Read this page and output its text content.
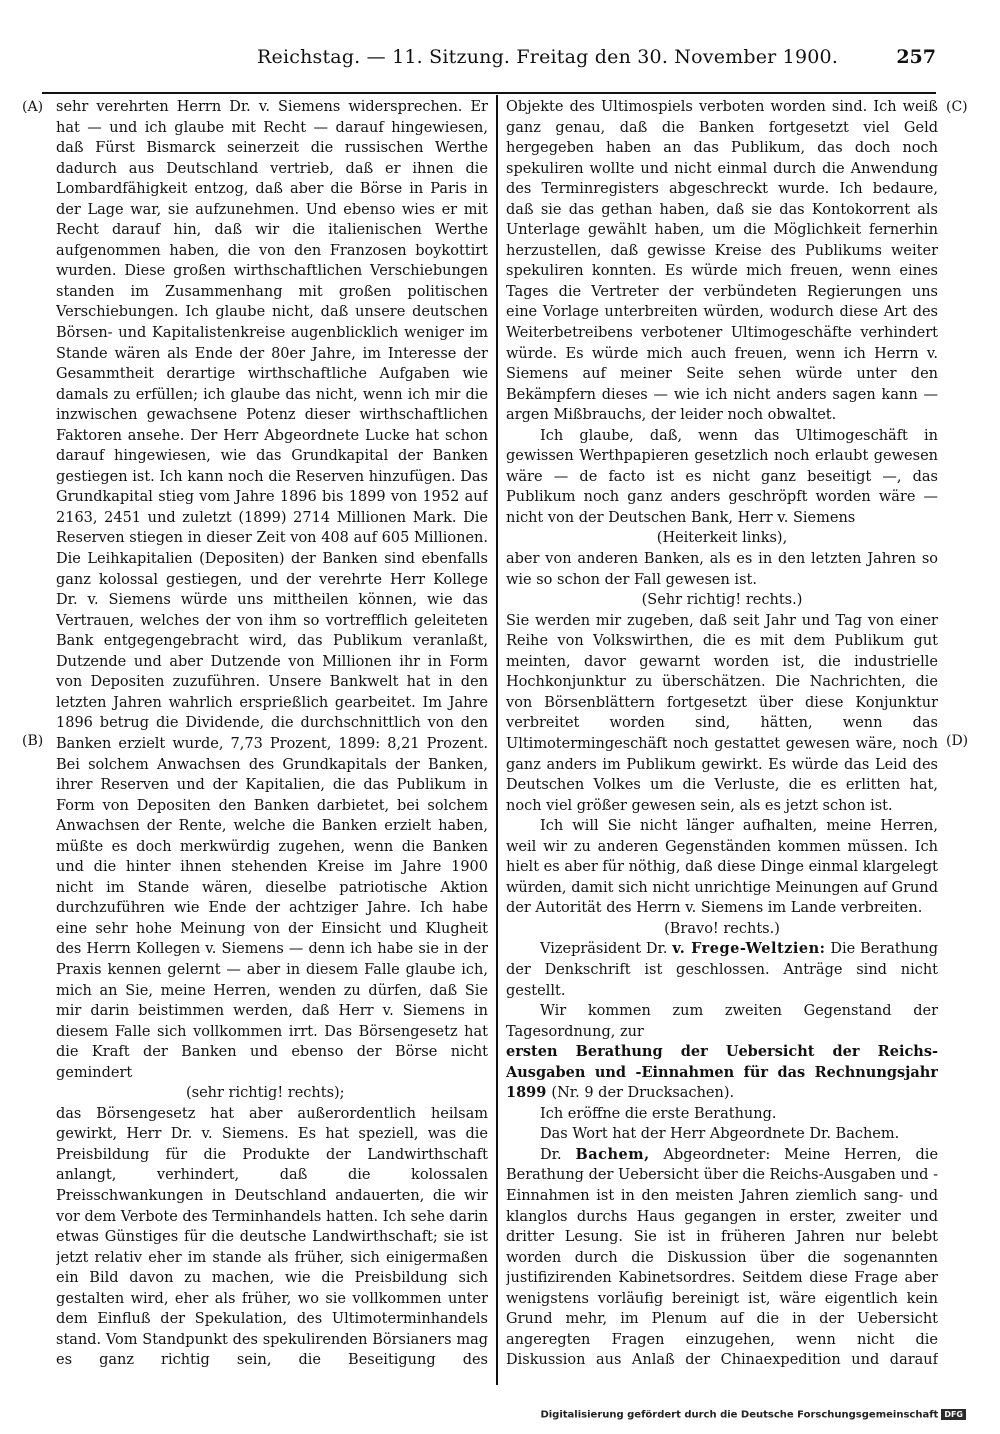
Reichstag. — 11. Sitzung. Freitag den 30. November 1900.	257
(A)
(B)
(C)
(D)

sehr verehrten Herrn Dr. v. Siemens widersprechen. Er hat — und ich glaube mit Recht — darauf hingewiesen, daß Fürst Bismarck seinerzeit die russischen Werthe dadurch aus Deutschland vertrieb, daß er ihnen die Lombardfähigkeit entzog, daß aber die Börse in Paris in der Lage war, sie aufzunehmen. Und ebenso wies er mit Recht darauf hin, daß wir die italienischen Werthe aufgenommen haben, die von den Franzosen boykottirt wurden. Diese großen wirthschaftlichen Verschiebungen standen im Zusammenhang mit großen politischen Verschiebungen. Ich glaube nicht, daß unsere deutschen Börsen- und Kapitalistenkreise augenblicklich weniger im Stande wären als Ende der 80er Jahre, im Interesse der Gesammtheit derartige wirthschaftliche Aufgaben wie damals zu erfüllen; ich glaube das nicht, wenn ich mir die inzwischen gewachsene Potenz dieser wirthschaftlichen Faktoren ansehe. Der Herr Abgeordnete Lucke hat schon darauf hingewiesen, wie das Grundkapital der Banken gestiegen ist. Ich kann noch die Reserven hinzufügen. Das Grundkapital stieg vom Jahre 1896 bis 1899 von 1952 auf 2163, 2451 und zuletzt (1899) 2714 Millionen Mark. Die Reserven stiegen in dieser Zeit von 408 auf 605 Millionen. Die Leihkapitalien (Depositen) der Banken sind ebenfalls ganz kolossal gestiegen, und der verehrte Herr Kollege Dr. v. Siemens würde uns mittheilen können, wie das Vertrauen, welches der von ihm so vortrefflich geleiteten Bank entgegengebracht wird, das Publikum veranlaßt, Dutzende und aber Dutzende von Millionen ihr in Form von Depositen zuzuführen. Unsere Bankwelt hat in den letzten Jahren wahrlich ersprießlich gearbeitet. Im Jahre 1896 betrug die Dividende, die durchschnittlich von den Banken erzielt wurde, 7,73 Prozent, 1899: 8,21 Prozent. Bei solchem Anwachsen des Grundkapitals der Banken, ihrer Reserven und der Kapitalien, die das Publikum in Form von Depositen den Banken darbietet, bei solchem Anwachsen der Rente, welche die Banken erzielt haben, müßte es doch merkwürdig zugehen, wenn die Banken und die hinter ihnen stehenden Kreise im Jahre 1900 nicht im Stande wären, dieselbe patriotische Aktion durchzuführen wie Ende der achtziger Jahre. Ich habe eine sehr hohe Meinung von der Einsicht und Klugheit des Herrn Kollegen v. Siemens — denn ich habe sie in der Praxis kennen gelernt — aber in diesem Falle glaube ich, mich an Sie, meine Herren, wenden zu dürfen, daß Sie mir darin beistimmen werden, daß Herr v. Siemens in diesem Falle sich vollkommen irrt. Das Börsengesetz hat die Kraft der Banken und ebenso der Börse nicht gemindert

(sehr richtig! rechts);

das Börsengesetz hat aber außerordentlich heilsam gewirkt, Herr Dr. v. Siemens. Es hat speziell, was die Preisbildung für die Produkte der Landwirthschaft anlangt, verhindert, daß die kolossalen Preisschwankungen in Deutschland andauerten, die wir vor dem Verbote des Terminhandels hatten. Ich sehe darin etwas Günstiges für die deutsche Landwirthschaft; sie ist jetzt relativ eher im stande als früher, sich einigermaßen ein Bild davon zu machen, wie die Preisbildung sich gestalten wird, eher als früher, wo sie vollkommen unter dem Einfluß der Spekulation, des Ultimoterminhandels stand. Vom Standpunkt des spekulirenden Börsianers mag es ganz richtig sein, die Beseitigung des

Objekte des Ultimospiels verboten worden sind. Ich weiß ganz genau, daß die Banken fortgesetzt viel Geld hergegeben haben an das Publikum, das doch noch spekuliren wollte und nicht einmal durch die Anwendung des Terminregisters abgeschreckt wurde. Ich bedaure, daß sie das gethan haben, daß sie das Kontokorrent als Unterlage gewählt haben, um die Möglichkeit fernerhin herzustellen, daß gewisse Kreise des Publikums weiter spekuliren konnten. Es würde mich freuen, wenn eines Tages die Vertreter der verbündeten Regierungen uns eine Vorlage unterbreiten würden, wodurch diese Art des Weiterbetreibens verbotener Ultimogeschäfte verhindert würde. Es würde mich auch freuen, wenn ich Herrn v. Siemens auf meiner Seite sehen würde unter den Bekämpfern dieses — wie ich nicht anders sagen kann — argen Mißbrauchs, der leider noch obwaltet.

Ich glaube, daß, wenn das Ultimogeschäft in gewissen Werthpapieren gesetzlich noch erlaubt gewesen wäre — de facto ist es nicht ganz beseitigt —, das Publikum noch ganz anders geschröpft worden wäre — nicht von der Deutschen Bank, Herr v. Siemens

(Heiterkeit links),

aber von anderen Banken, als es in den letzten Jahren so wie so schon der Fall gewesen ist.

(Sehr richtig! rechts.)

Sie werden mir zugeben, daß seit Jahr und Tag von einer Reihe von Volkswirthen, die es mit dem Publikum gut meinten, davor gewarnt worden ist, die industrielle Hochkonjunktur zu überschätzen. Die Nachrichten, die von Börsenblättern fortgesetzt über diese Konjunktur verbreitet worden sind, hätten, wenn das Ultimotermingeschäft noch gestattet gewesen wäre, noch ganz anders im Publikum gewirkt. Es würde das Leid des Deutschen Volkes um die Verluste, die es erlitten hat, noch viel größer gewesen sein, als es jetzt schon ist.

Ich will Sie nicht länger aufhalten, meine Herren, weil wir zu anderen Gegenständen kommen müssen. Ich hielt es aber für nöthig, daß diese Dinge einmal klargelegt würden, damit sich nicht unrichtige Meinungen auf Grund der Autorität des Herrn v. Siemens im Lande verbreiten.

(Bravo! rechts.)

Vizepräsident Dr. v. Frege-Weltzien: Die Berathung der Denkschrift ist geschlossen. Anträge sind nicht gestellt.

Wir kommen zum zweiten Gegenstand der Tagesordnung, zur

ersten Berathung der Uebersicht der Reichs-Ausgaben und -Einnahmen für das Rechnungsjahr 1899 (Nr. 9 der Drucksachen).

Ich eröffne die erste Berathung.

Das Wort hat der Herr Abgeordnete Dr. Bachem.

Dr. Bachem, Abgeordneter: Meine Herren, die Berathung der Uebersicht über die Reichs-Ausgaben und -Einnahmen ist in den meisten Jahren ziemlich sang- und klanglos durchs Haus gegangen in erster, zweiter und dritter Lesung. Sie ist in früheren Jahren nur belebt worden durch die Diskussion über die sogenannten justifizirenden Kabinetsordres. Seitdem diese Frage aber wenigstens vorläufig bereinigt ist, wäre eigentlich kein Grund mehr, im Plenum auf die in der Uebersicht angeregten Fragen einzugehen, wenn nicht die Diskussion aus Anlaß der Chinaexpedition und darauf

Digitalisierung gefördert durch die Deutsche Forschungsgemeinschaft DFG
